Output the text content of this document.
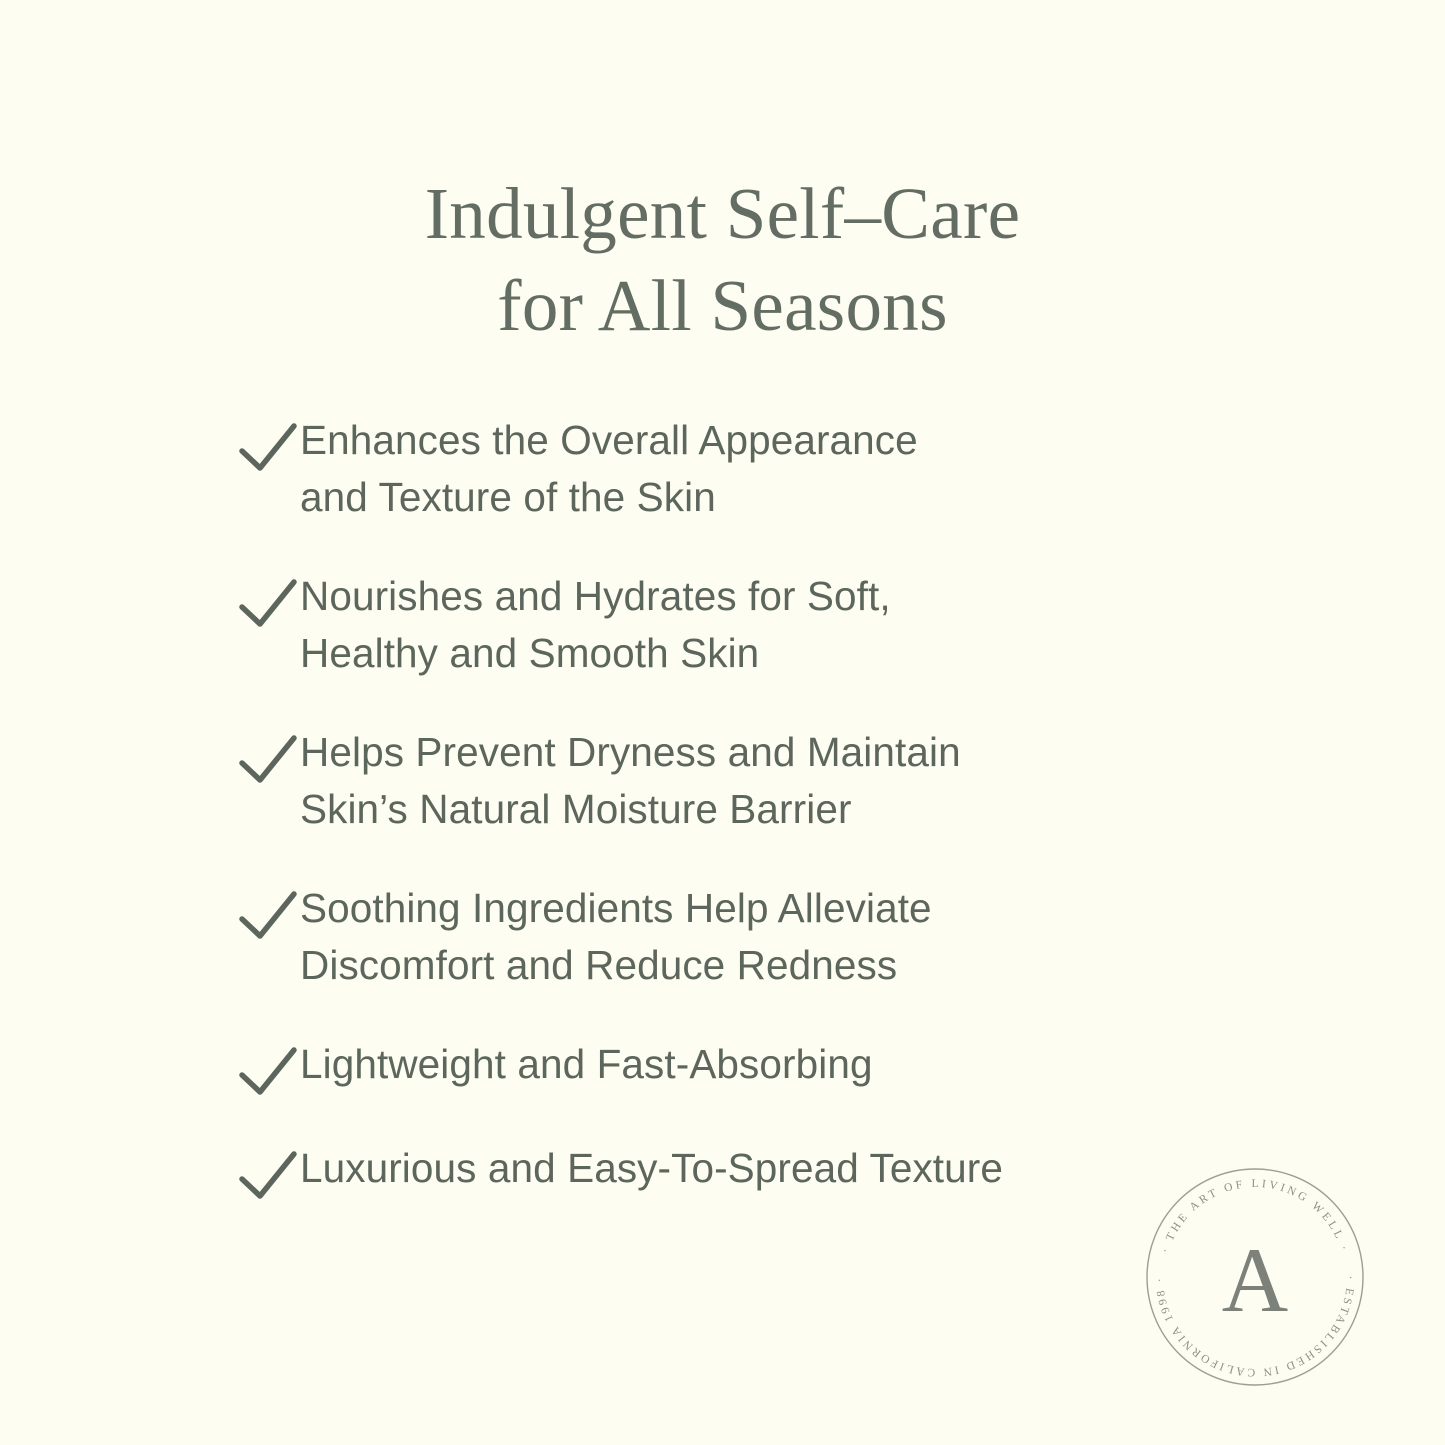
Indulgent Self–Care
for All Seasons
Enhances the Overall Appearance
and Texture of the Skin
Nourishes and Hydrates for Soft,
Healthy and Smooth Skin
Helps Prevent Dryness and Maintain
Skin’s Natural Moisture Barrier
Soothing Ingredients Help Alleviate
Discomfort and Reduce Redness
Lightweight and Fast-Absorbing
Luxurious and Easy-To-Spread Texture
· THE ART OF LIVING WELL ·
· ESTABLISHED IN CALIFORNIA 1998 · A
